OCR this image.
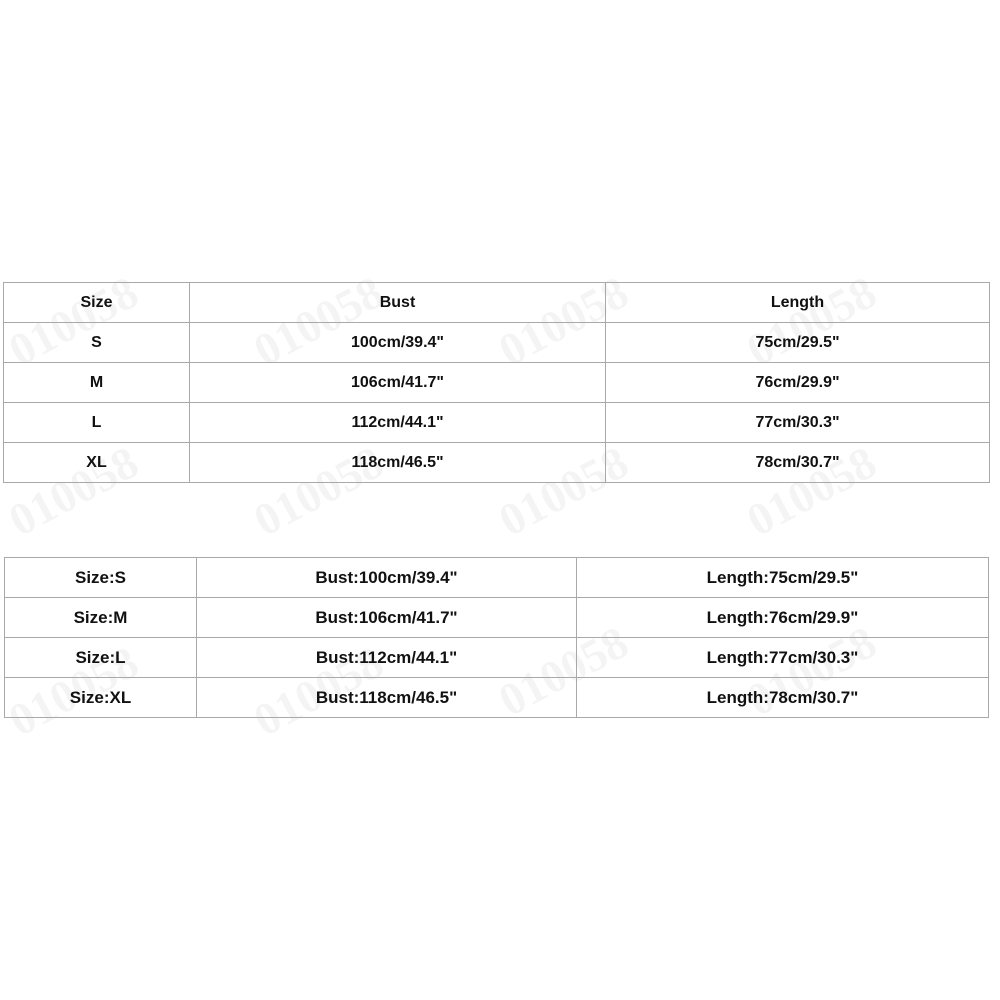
Size	Bust	Length
S	100cm/39.4"	75cm/29.5"
M	106cm/41.7"	76cm/29.9"
L	112cm/44.1"	77cm/30.3"
XL	118cm/46.5"	78cm/30.7"
Size:S	Bust:100cm/39.4"	Length:75cm/29.5"
Size:M	Bust:106cm/41.7"	Length:76cm/29.9"
Size:L	Bust:112cm/44.1"	Length:77cm/30.3"
Size:XL	Bust:118cm/46.5"	Length:78cm/30.7"
